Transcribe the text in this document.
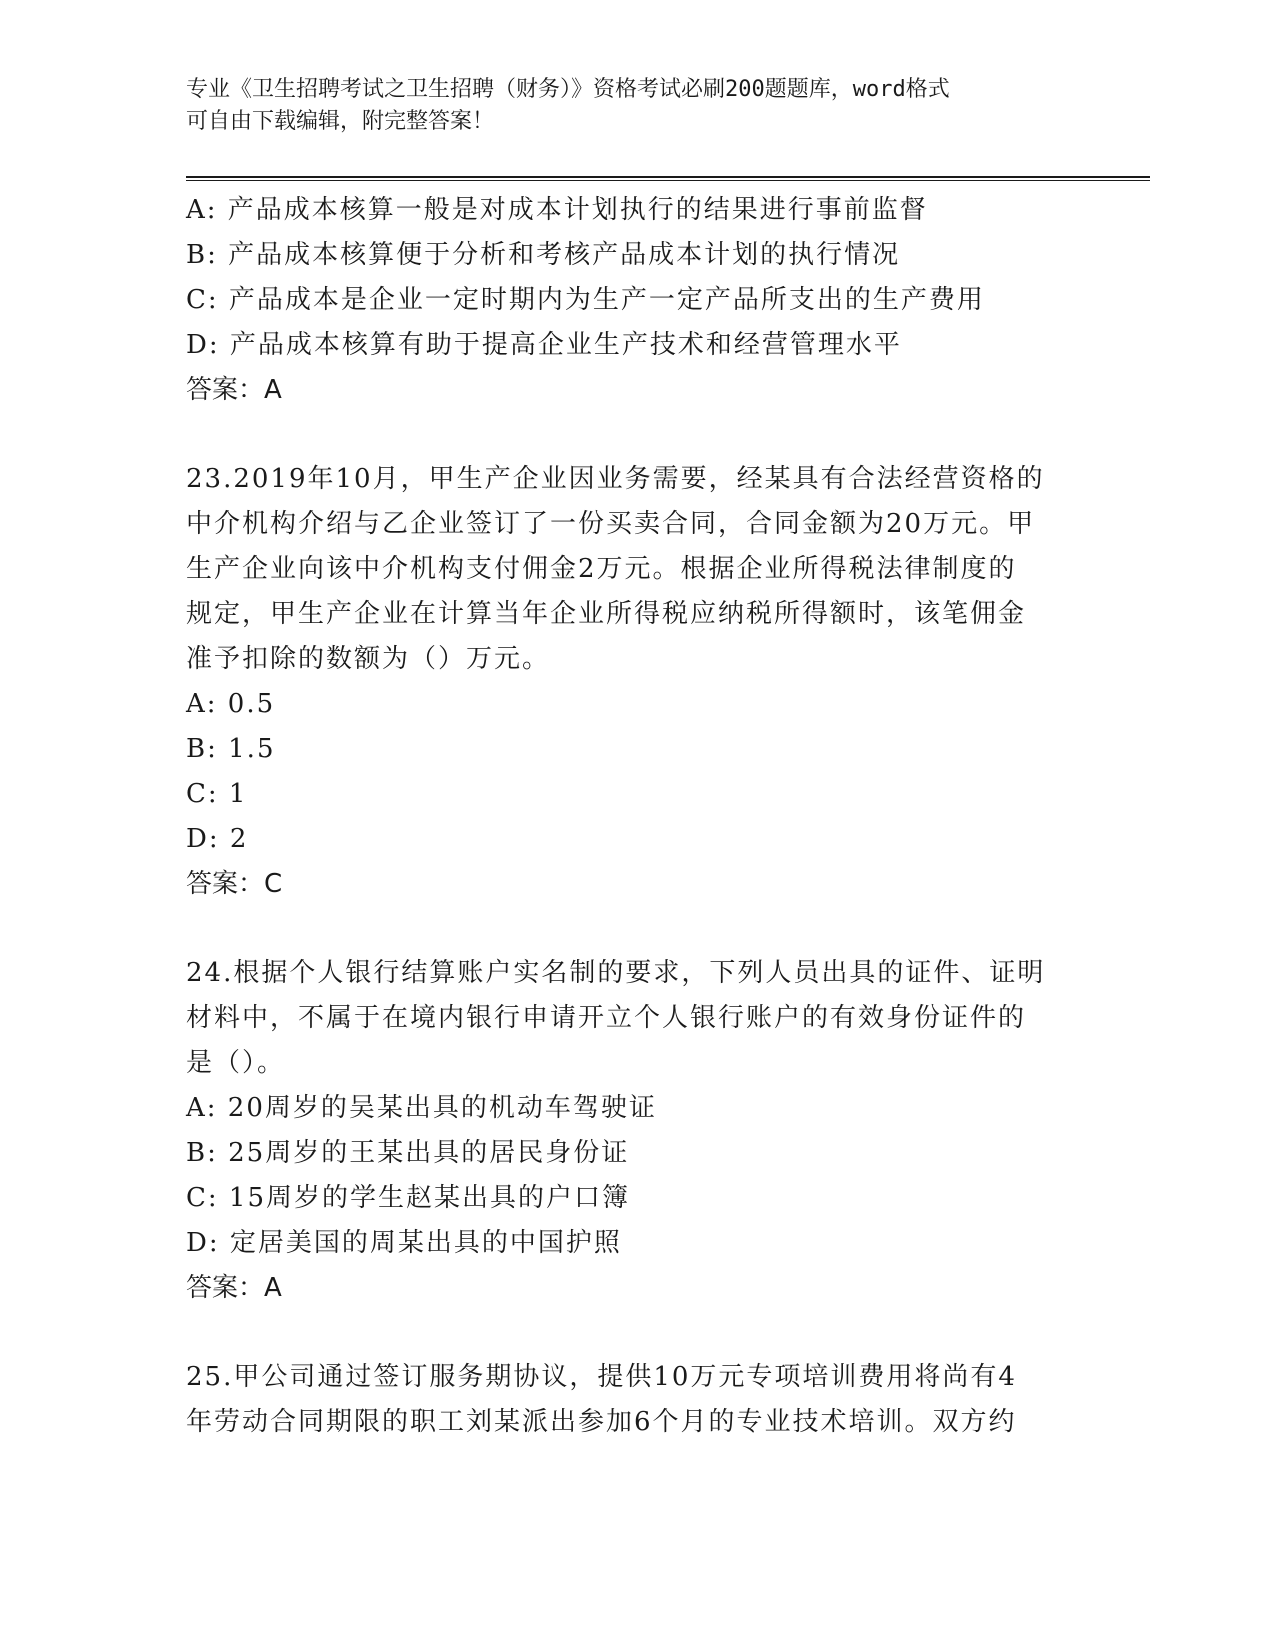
专业《卫生招聘考试之卫生招聘（财务）》资格考试必刷200题题库，word格式
可自由下载编辑，附完整答案！
A: 产品成本核算一般是对成本计划执行的结果进行事前监督
B: 产品成本核算便于分析和考核产品成本计划的执行情况
C: 产品成本是企业一定时期内为生产一定产品所支出的生产费用
D: 产品成本核算有助于提高企业生产技术和经营管理水平
答案：A
23.2019年10月，甲生产企业因业务需要，经某具有合法经营资格的
中介机构介绍与乙企业签订了一份买卖合同，合同金额为20万元。甲
生产企业向该中介机构支付佣金2万元。根据企业所得税法律制度的
规定，甲生产企业在计算当年企业所得税应纳税所得额时，该笔佣金
准予扣除的数额为（）万元。
A: 0.5
B: 1.5
C: 1
D: 2
答案：C
24.根据个人银行结算账户实名制的要求，下列人员出具的证件、证明
材料中，不属于在境内银行申请开立个人银行账户的有效身份证件的
是（）。
A: 20周岁的吴某出具的机动车驾驶证
B: 25周岁的王某出具的居民身份证
C: 15周岁的学生赵某出具的户口簿
D: 定居美国的周某出具的中国护照
答案：A
25.甲公司通过签订服务期协议，提供10万元专项培训费用将尚有4
年劳动合同期限的职工刘某派出参加6个月的专业技术培训。双方约
